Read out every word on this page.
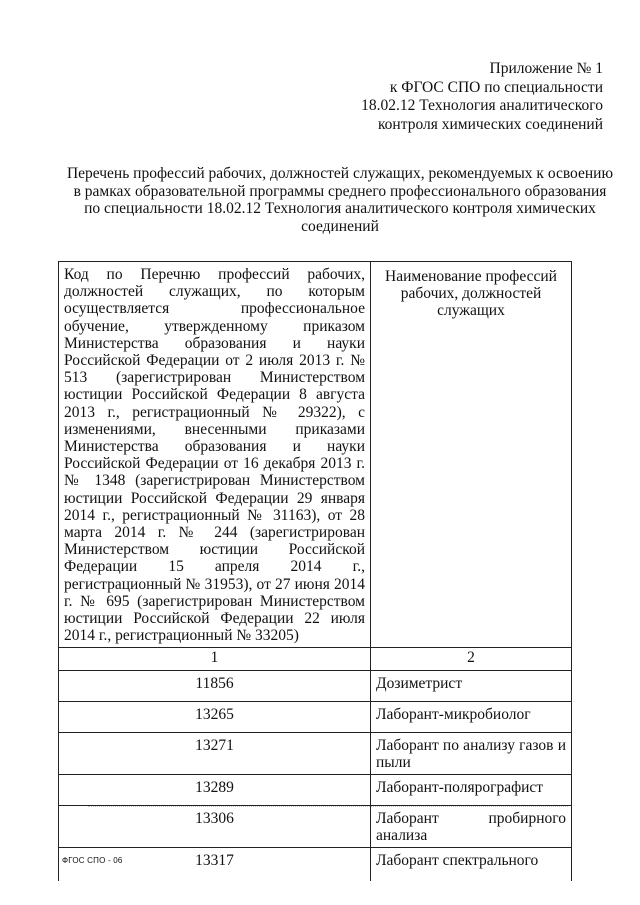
Приложение № 1
к ФГОС СПО по специальности
18.02.12 Технология аналитического
контроля химических соединений
Перечень профессий рабочих, должностей служащих, рекомендуемых к освоению
в рамках образовательной программы среднего профессионального образования
по специальности 18.02.12 Технология аналитического контроля химических
соединений
Код по Перечню профессий рабочих, должностей служащих, по которым осуществляется профессиональное обучение, утвержденному приказом Министерства образования и науки Российской Федерации от 2 июля 2013 г. № 513 (зарегистрирован Министерством юстиции Российской Федерации 8 августа 2013 г., регистрационный № 29322), с изменениями, внесенными приказами Министерства образования и науки Российской Федерации от 16 декабря 2013 г. № 1348 (зарегистрирован Министерством юстиции Российской Федерации 29 января 2014 г., регистрационный № 31163), от 28 марта 2014 г. № 244 (зарегистрирован Министерством юстиции Российской Федерации 15 апреля 2014 г., регистрационный № 31953), от 27 июня 2014 г. № 695 (зарегистрирован Министерством юстиции Российской Федерации 22 июля 2014 г., регистрационный № 33205)	Наименование профессий рабочих, должностей служащих
1	2
11856	Дозиметрист
13265	Лаборант-микробиолог
13271	Лаборант по анализу газов и пыли
13289	Лаборант-полярографист
13306	Лаборант пробирного анализа
13317	Лаборант спектрального
ФГОС СПО - 06
